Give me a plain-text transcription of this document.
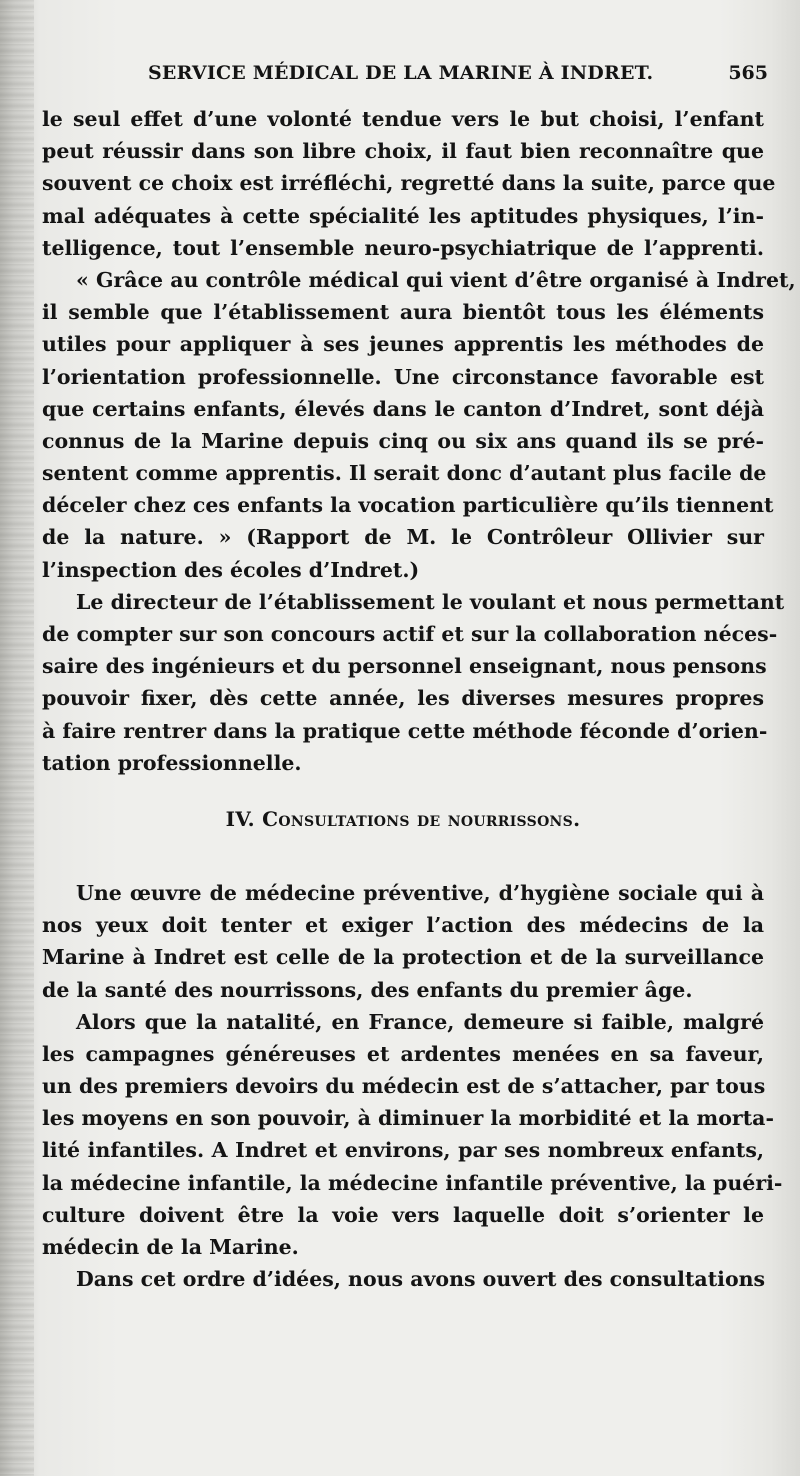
SERVICE MÉDICAL DE LA MARINE À INDRET.	565
le seul effet d’une volonté tendue vers le but choisi, l’enfant
peut réussir dans son libre choix, il faut bien reconnaître que
souvent ce choix est irréfléchi, regretté dans la suite, parce que
mal adéquates à cette spécialité les aptitudes physiques, l’in-
telligence, tout l’ensemble neuro-psychiatrique de l’apprenti.
« Grâce au contrôle médical qui vient d’être organisé à Indret,
il semble que l’établissement aura bientôt tous les éléments
utiles pour appliquer à ses jeunes apprentis les méthodes de
l’orientation professionnelle. Une circonstance favorable est
que certains enfants, élevés dans le canton d’Indret, sont déjà
connus de la Marine depuis cinq ou six ans quand ils se pré-
sentent comme apprentis. Il serait donc d’autant plus facile de
déceler chez ces enfants la vocation particulière qu’ils tiennent
de la nature. » (Rapport de M. le Contrôleur Ollivier sur
l’inspection des écoles d’Indret.)
Le directeur de l’établissement le voulant et nous permettant
de compter sur son concours actif et sur la collaboration néces-
saire des ingénieurs et du personnel enseignant, nous pensons
pouvoir fixer, dès cette année, les diverses mesures propres
à faire rentrer dans la pratique cette méthode féconde d’orien-
tation professionnelle.
IV. Consultations de nourrissons.
Une œuvre de médecine préventive, d’hygiène sociale qui à
nos yeux doit tenter et exiger l’action des médecins de la
Marine à Indret est celle de la protection et de la surveillance
de la santé des nourrissons, des enfants du premier âge.
Alors que la natalité, en France, demeure si faible, malgré
les campagnes généreuses et ardentes menées en sa faveur,
un des premiers devoirs du médecin est de s’attacher, par tous
les moyens en son pouvoir, à diminuer la morbidité et la morta-
lité infantiles. A Indret et environs, par ses nombreux enfants,
la médecine infantile, la médecine infantile préventive, la puéri-
culture doivent être la voie vers laquelle doit s’orienter le
médecin de la Marine.
Dans cet ordre d’idées, nous avons ouvert des consultations
